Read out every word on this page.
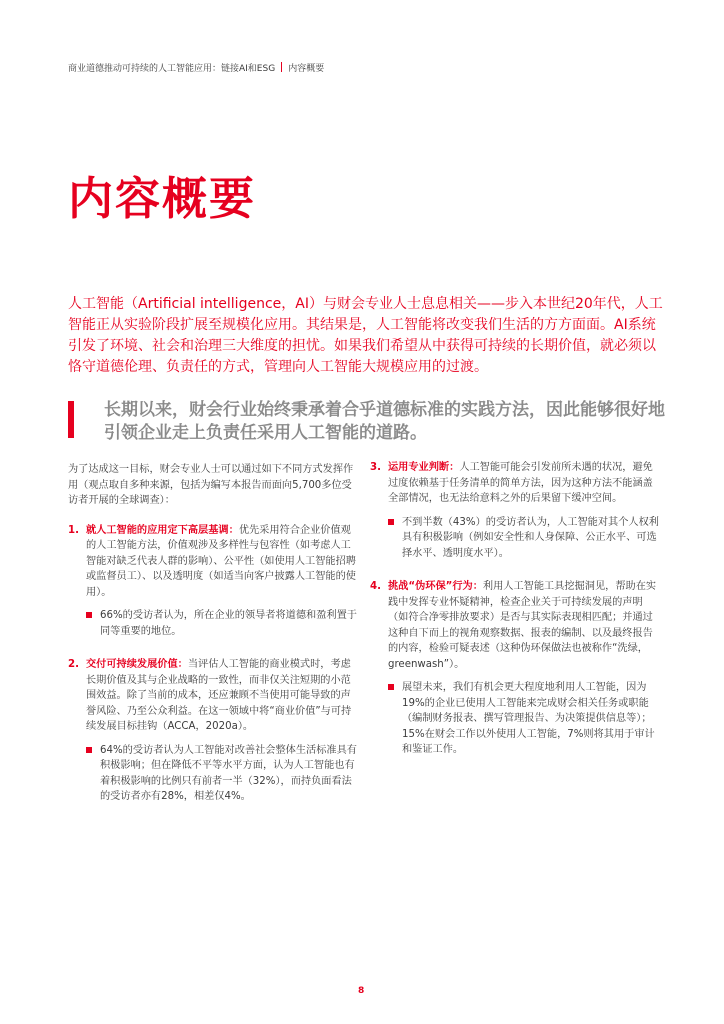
商业道德推动可持续的人工智能应用：链接AI和ESG 内容概要
内容概要

人工智能（Artificial intelligence，AI）与财会专业人士息息相关——步入本世纪20年代，人工智能正从实验阶段扩展至规模化应用。其结果是，人工智能将改变我们生活的方方面面。AI系统引发了环境、社会和治理三大维度的担忧。如果我们希望从中获得可持续的长期价值，就必须以恪守道德伦理、负责任的方式，管理向人工智能大规模应用的过渡。

长期以来，财会行业始终秉承着合乎道德标准的实践方法，因此能够很好地引领企业走上负责任采用人工智能的道路。

为了达成这一目标，财会专业人士可以通过如下不同方式发挥作用（观点取自多种来源，包括为编写本报告而面向5,700多位受访者开展的全球调查）：

1. 就人工智能的应用定下高层基调：优先采用符合企业价值观的人工智能方法，价值观涉及多样性与包容性（如考虑人工智能对缺乏代表人群的影响）、公平性（如使用人工智能招聘或监督员工）、以及透明度（如适当向客户披露人工智能的使用）。

66%的受访者认为，所在企业的领导者将道德和盈利置于同等重要的地位。
2. 交付可持续发展价值：当评估人工智能的商业模式时，考虑长期价值及其与企业战略的一致性，而非仅关注短期的小范围效益。除了当前的成本，还应兼顾不当使用可能导致的声誉风险、乃至公众利益。在这一领域中将“商业价值”与可持续发展目标挂钩（ACCA，2020a）。

64%的受访者认为人工智能对改善社会整体生活标准具有积极影响；但在降低不平等水平方面，认为人工智能也有着积极影响的比例只有前者一半（32%），而持负面看法的受访者亦有28%，相差仅4%。
3. 运用专业判断：人工智能可能会引发前所未遇的状况，避免过度依赖基于任务清单的简单方法，因为这种方法不能涵盖全部情况，也无法给意料之外的后果留下缓冲空间。

不到半数（43%）的受访者认为，人工智能对其个人权利具有积极影响（例如安全性和人身保障、公正水平、可选择水平、透明度水平）。
4. 挑战“伪环保”行为：利用人工智能工具挖掘洞见，帮助在实践中发挥专业怀疑精神，检查企业关于可持续发展的声明（如符合净零排放要求）是否与其实际表现相匹配；并通过这种自下而上的视角观察数据、报表的编制、以及最终报告的内容，检验可疑表述（这种伪环保做法也被称作“洗绿，greenwash”）。

展望未来，我们有机会更大程度地利用人工智能，因为19%的企业已使用人工智能来完成财会相关任务或职能（编制财务报表、撰写管理报告、为决策提供信息等）；15%在财会工作以外使用人工智能，7%则将其用于审计和鉴证工作。
8
